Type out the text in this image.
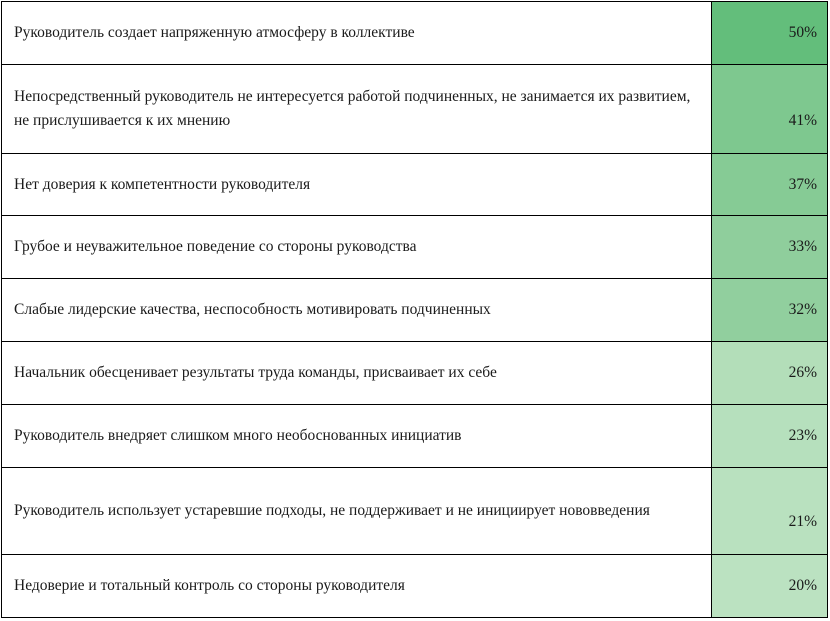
Руководитель создает напряженную атмосферу в коллективе	50%
Непосредственный руководитель не интересуется работой подчиненных, не занимается их развитием, не прислушивается к их мнению	41%
Нет доверия к компетентности руководителя	37%
Грубое и неуважительное поведение со стороны руководства	33%
Слабые лидерские качества, неспособность мотивировать подчиненных	32%
Начальник обесценивает результаты труда команды, присваивает их себе	26%
Руководитель внедряет слишком много необоснованных инициатив	23%
Руководитель использует устаревшие подходы, не поддерживает и не инициирует нововведения	21%
Недоверие и тотальный контроль со стороны руководителя	20%
